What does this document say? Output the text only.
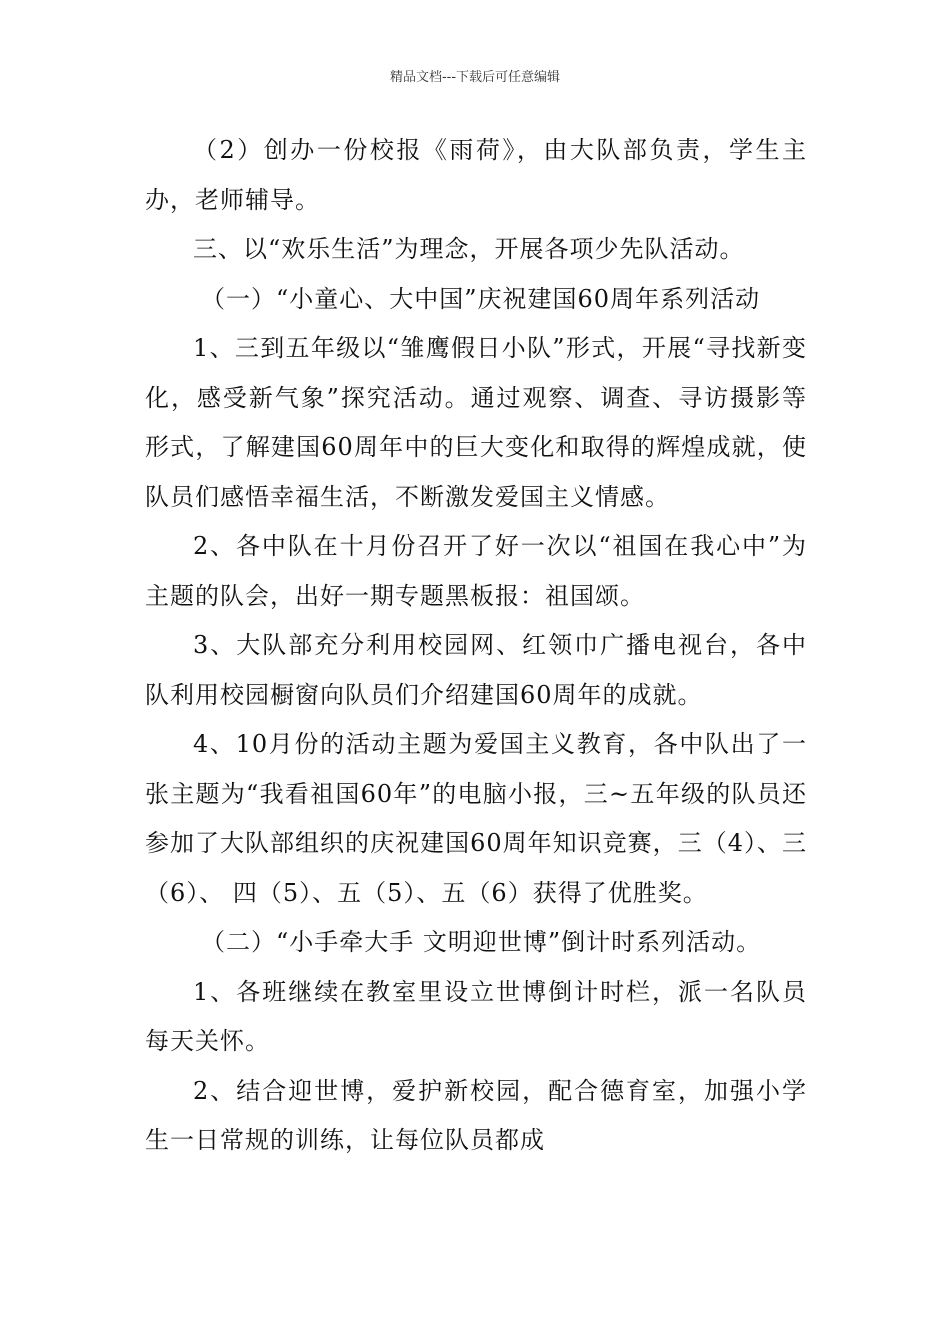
精品文档---下载后可任意编辑

（2）创办一份校报《雨荷》，由大队部负责，学生主办，老师辅导。

三、以“欢乐生活”为理念，开展各项少先队活动。

（一）“小童心、大中国”庆祝建国60周年系列活动

1、三到五年级以“雏鹰假日小队”形式，开展“寻找新变化，感受新气象”探究活动。通过观察、调查、寻访摄影等形式，了解建国60周年中的巨大变化和取得的辉煌成就，使队员们感悟幸福生活，不断激发爱国主义情感。

2、各中队在十月份召开了好一次以“祖国在我心中”为主题的队会，出好一期专题黑板报：祖国颂。

3、大队部充分利用校园网、红领巾广播电视台，各中队利用校园橱窗向队员们介绍建国60周年的成就。

4、10月份的活动主题为爱国主义教育，各中队出了一张主题为“我看祖国60年”的电脑小报，三~五年级的队员还参加了大队部组织的庆祝建国60周年知识竞赛，三（4）、三（6）、 四（5）、五（5）、五（6）获得了优胜奖。

（二）“小手牵大手 文明迎世博”倒计时系列活动。

1、各班继续在教室里设立世博倒计时栏，派一名队员每天关怀。

2、结合迎世博，爱护新校园，配合德育室，加强小学生一日常规的训练，让每位队员都成
